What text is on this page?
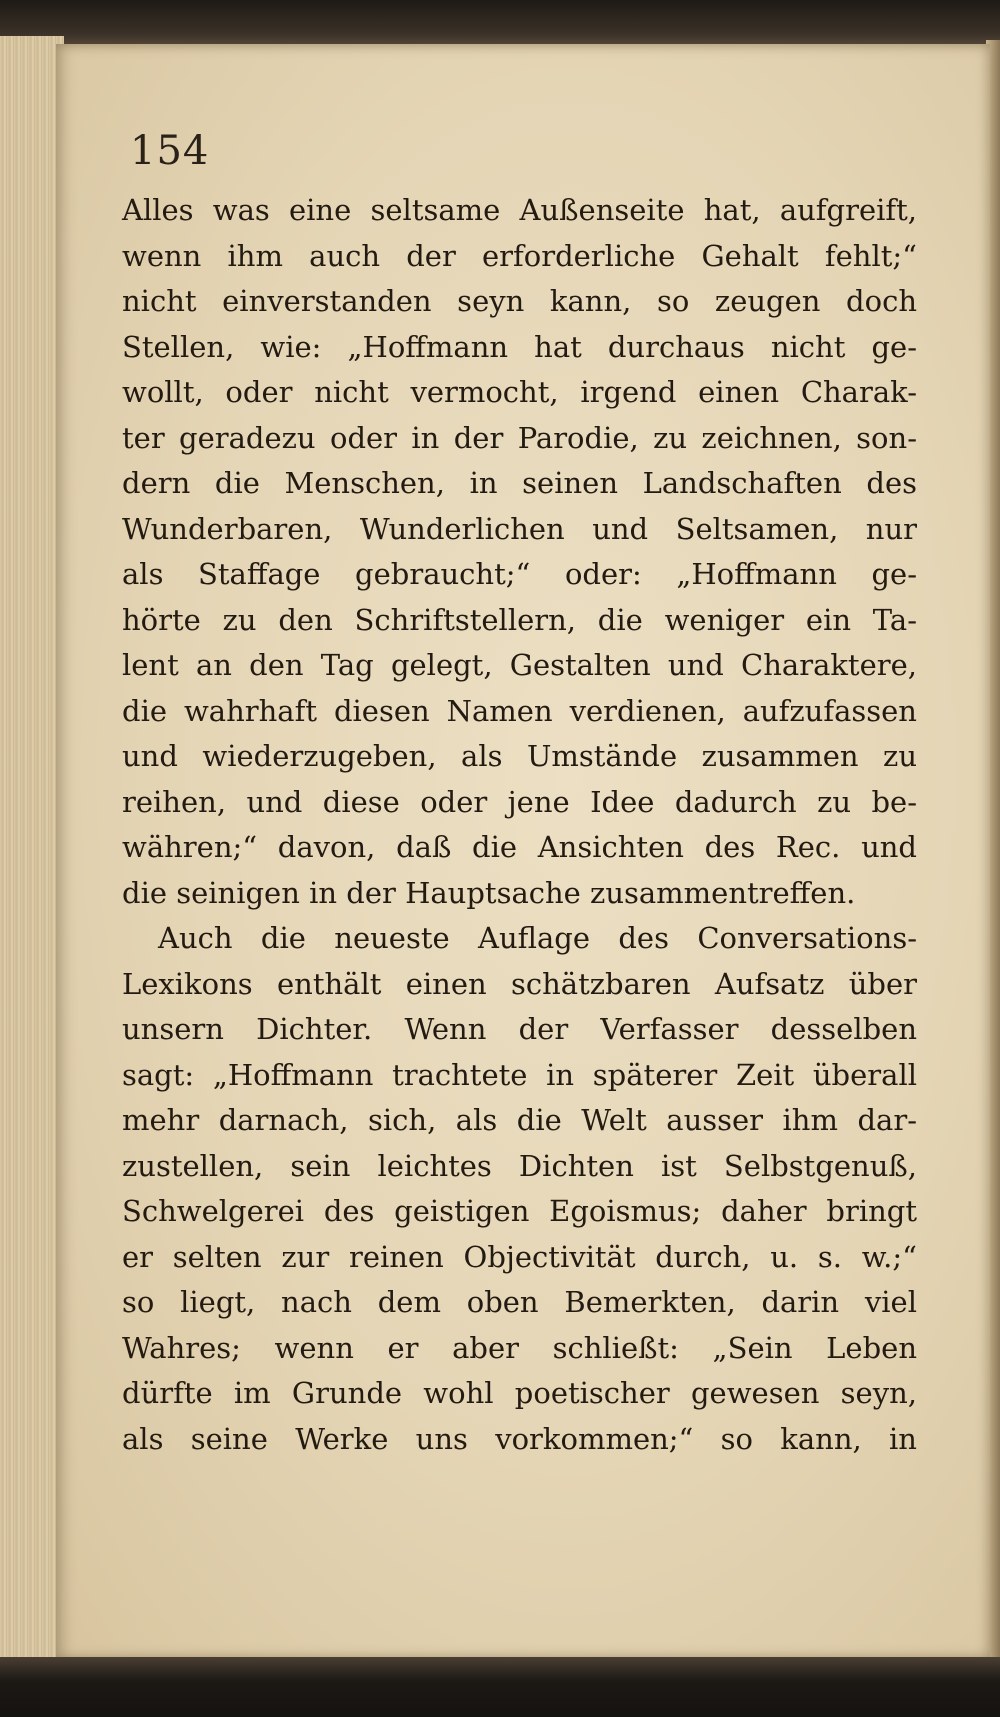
154

Alles was eine seltsame Außenseite hat, aufgreift,
wenn ihm auch der erforderliche Gehalt fehlt;“
nicht einverstanden seyn kann, so zeugen doch
Stellen, wie: „Hoffmann hat durchaus nicht ge-
wollt, oder nicht vermocht, irgend einen Charak-
ter geradezu oder in der Parodie, zu zeichnen, son-
dern die Menschen, in seinen Landschaften des
Wunderbaren, Wunderlichen und Seltsamen, nur
als Staffage gebraucht;“ oder: „Hoffmann ge-
hörte zu den Schriftstellern, die weniger ein Ta-
lent an den Tag gelegt, Gestalten und Charaktere,
die wahrhaft diesen Namen verdienen, aufzufassen
und wiederzugeben, als Umstände zusammen zu
reihen, und diese oder jene Idee dadurch zu be-
währen;“ davon, daß die Ansichten des Rec. und
die seinigen in der Hauptsache zusammentreffen.
Auch die neueste Auflage des Conversations-
Lexikons enthält einen schätzbaren Aufsatz über
unsern Dichter. Wenn der Verfasser desselben
sagt: „Hoffmann trachtete in späterer Zeit überall
mehr darnach, sich, als die Welt ausser ihm dar-
zustellen, sein leichtes Dichten ist Selbstgenuß,
Schwelgerei des geistigen Egoismus; daher bringt
er selten zur reinen Objectivität durch, u. s. w.;“
so liegt, nach dem oben Bemerkten, darin viel
Wahres; wenn er aber schließt: „Sein Leben
dürfte im Grunde wohl poetischer gewesen seyn,
als seine Werke uns vorkommen;“ so kann, in
